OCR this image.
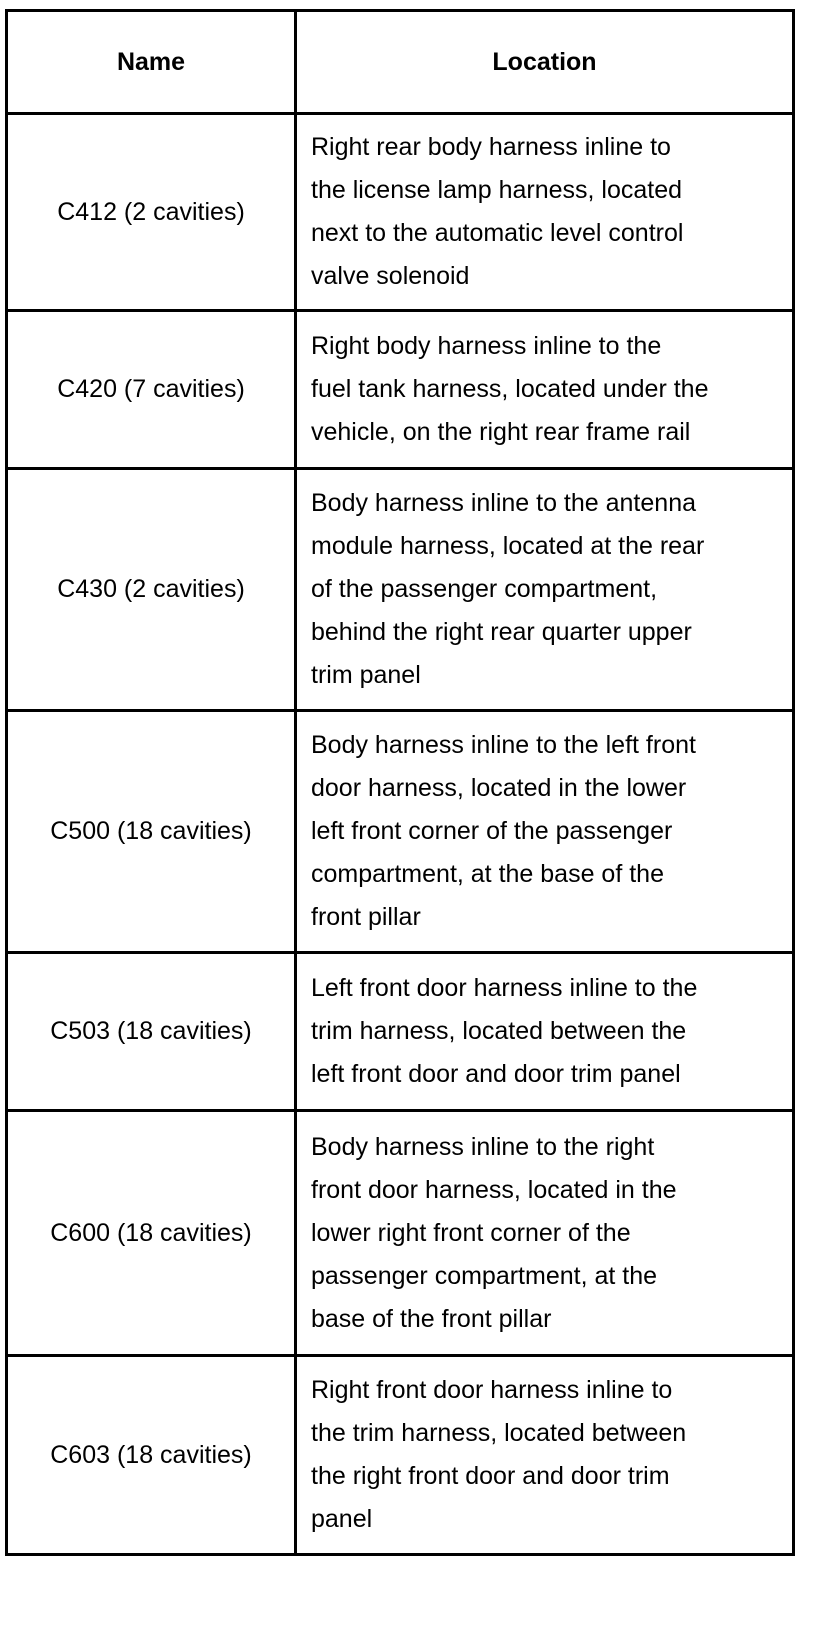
Name	Location
C412 (2 cavities)	Right rear body harness inline to
the license lamp harness, located
next to the automatic level control
valve solenoid

C420 (7 cavities)	Right body harness inline to the
fuel tank harness, located under the
vehicle, on the right rear frame rail

C430 (2 cavities)	Body harness inline to the antenna
module harness, located at the rear
of the passenger compartment,
behind the right rear quarter upper
trim panel

C500 (18 cavities)	Body harness inline to the left front
door harness, located in the lower
left front corner of the passenger
compartment, at the base of the
front pillar

C503 (18 cavities)	Left front door harness inline to the
trim harness, located between the
left front door and door trim panel

C600 (18 cavities)	Body harness inline to the right
front door harness, located in the
lower right front corner of the
passenger compartment, at the
base of the front pillar

C603 (18 cavities)	Right front door harness inline to
the trim harness, located between
the right front door and door trim
panel
